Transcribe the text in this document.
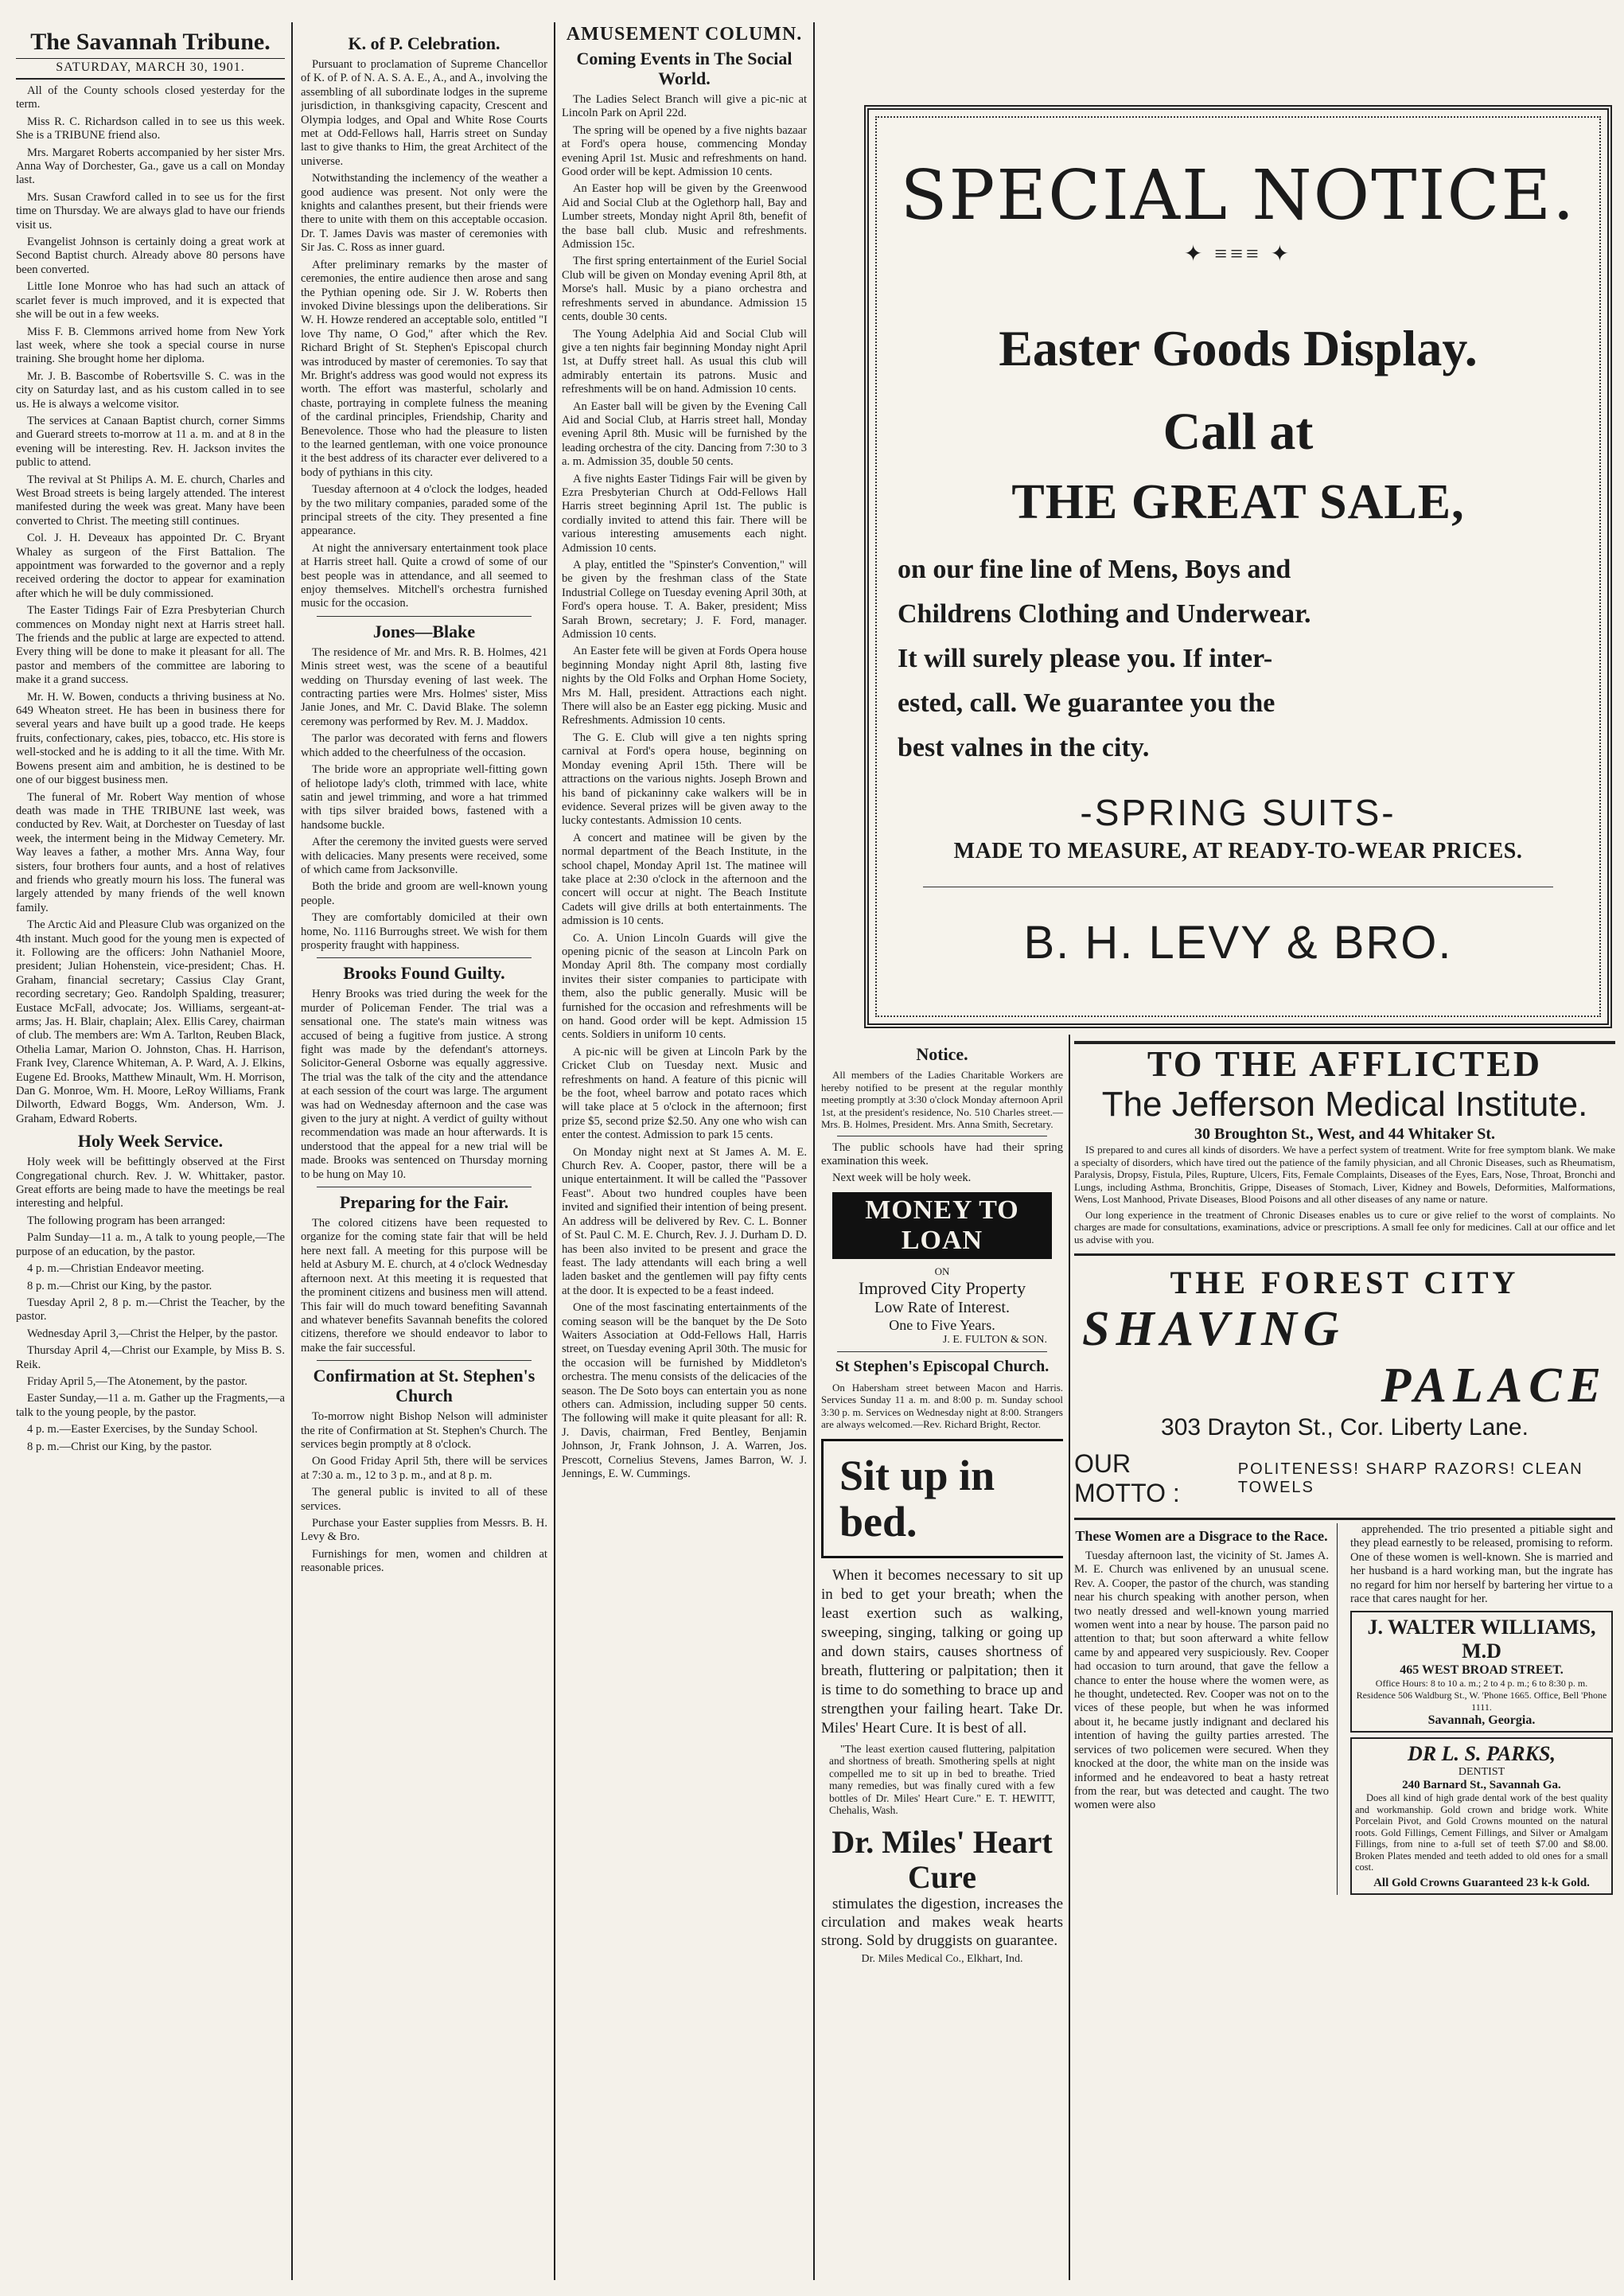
The Savannah Tribune.
SATURDAY, MARCH 30, 1901.

All of the County schools closed yesterday for the term.

Miss R. C. Richardson called in to see us this week. She is a TRIBUNE friend also.

Mrs. Margaret Roberts accompanied by her sister Mrs. Anna Way of Dorchester, Ga., gave us a call on Monday last.

Mrs. Susan Crawford called in to see us for the first time on Thursday. We are always glad to have our friends visit us.

Evangelist Johnson is certainly doing a great work at Second Baptist church. Already above 80 persons have been converted.

Little Ione Monroe who has had such an attack of scarlet fever is much improved, and it is expected that she will be out in a few weeks.

Miss F. B. Clemmons arrived home from New York last week, where she took a special course in nurse training. She brought home her diploma.

Mr. J. B. Bascombe of Robertsville S. C. was in the city on Saturday last, and as his custom called in to see us. He is always a welcome visitor.

The services at Canaan Baptist church, corner Simms and Guerard streets to-morrow at 11 a. m. and at 8 in the evening will be interesting. Rev. H. Jackson invites the public to attend.

The revival at St Philips A. M. E. church, Charles and West Broad streets is being largely attended. The interest manifested during the week was great. Many have been converted to Christ. The meeting still continues.

Col. J. H. Deveaux has appointed Dr. C. Bryant Whaley as surgeon of the First Battalion. The appointment was forwarded to the governor and a reply received ordering the doctor to appear for examination after which he will be duly commissioned.

The Easter Tidings Fair of Ezra Presbyterian Church commences on Monday night next at Harris street hall. The friends and the public at large are expected to attend. Every thing will be done to make it pleasant for all. The pastor and members of the committee are laboring to make it a grand success.

Mr. H. W. Bowen, conducts a thriving business at No. 649 Wheaton street. He has been in business there for several years and have built up a good trade. He keeps fruits, confectionary, cakes, pies, tobacco, etc. His store is well-stocked and he is adding to it all the time. With Mr. Bowens present aim and ambition, he is destined to be one of our biggest business men.

The funeral of Mr. Robert Way mention of whose death was made in THE TRIBUNE last week, was conducted by Rev. Wait, at Dorchester on Tuesday of last week, the interment being in the Midway Cemetery. Mr. Way leaves a father, a mother Mrs. Anna Way, four sisters, four brothers four aunts, and a host of relatives and friends who greatly mourn his loss. The funeral was largely attended by many friends of the well known family.

The Arctic Aid and Pleasure Club was organized on the 4th instant. Much good for the young men is expected of it. Following are the officers: John Nathaniel Moore, president; Julian Hohenstein, vice-president; Chas. H. Graham, financial secretary; Cassius Clay Grant, recording secretary; Geo. Randolph Spalding, treasurer; Eustace McFall, advocate; Jos. Williams, sergeant-at-arms; Jas. H. Blair, chaplain; Alex. Ellis Carey, chairman of club. The members are: Wm A. Tarlton, Reuben Black, Othelia Lamar, Marion O. Johnston, Chas. H. Harrison, Frank Ivey, Clarence Whiteman, A. P. Ward, A. J. Elkins, Eugene Ed. Brooks, Matthew Minault, Wm. H. Morrison, Dan G. Monroe, Wm. H. Moore, LeRoy Williams, Frank Dilworth, Edward Boggs, Wm. Anderson, Wm. J. Graham, Edward Roberts.

Holy Week Service.

Holy week will be befittingly observed at the First Congregational church. Rev. J. W. Whittaker, pastor. Great efforts are being made to have the meetings be real interesting and helpful.

The following program has been arranged:

Palm Sunday—11 a. m., A talk to young people,—The purpose of an education, by the pastor.

4 p. m.—Christian Endeavor meeting.

8 p. m.—Christ our King, by the pastor.

Tuesday April 2, 8 p. m.—Christ the Teacher, by the pastor.

Wednesday April 3,—Christ the Helper, by the pastor.

Thursday April 4,—Christ our Example, by Miss B. S. Reik.

Friday April 5,—The Atonement, by the pastor.

Easter Sunday,—11 a. m. Gather up the Fragments,—a talk to the young people, by the pastor.

4 p. m.—Easter Exercises, by the Sunday School.

8 p. m.—Christ our King, by the pastor.

K. of P. Celebration.

Pursuant to proclamation of Supreme Chancellor of K. of P. of N. A. S. A. E., A., and A., involving the assembling of all subordinate lodges in the supreme jurisdiction, in thanksgiving capacity, Crescent and Olympia lodges, and Opal and White Rose Courts met at Odd-Fellows hall, Harris street on Sunday last to give thanks to Him, the great Architect of the universe.

Notwithstanding the inclemency of the weather a good audience was present. Not only were the knights and calanthes present, but their friends were there to unite with them on this acceptable occasion. Dr. T. James Davis was master of ceremonies with Sir Jas. C. Ross as inner guard.

After preliminary remarks by the master of ceremonies, the entire audience then arose and sang the Pythian opening ode. Sir J. W. Roberts then invoked Divine blessings upon the deliberations. Sir W. H. Howze rendered an acceptable solo, entitled "I love Thy name, O God," after which the Rev. Richard Bright of St. Stephen's Episcopal church was introduced by master of ceremonies. To say that Mr. Bright's address was good would not express its worth. The effort was masterful, scholarly and chaste, portraying in complete fulness the meaning of the cardinal principles, Friendship, Charity and Benevolence. Those who had the pleasure to listen to the learned gentleman, with one voice pronounce it the best address of its character ever delivered to a body of pythians in this city.

Tuesday afternoon at 4 o'clock the lodges, headed by the two military companies, paraded some of the principal streets of the city. They presented a fine appearance.

At night the anniversary entertainment took place at Harris street hall. Quite a crowd of some of our best people was in attendance, and all seemed to enjoy themselves. Mitchell's orchestra furnished music for the occasion.

Jones—Blake

The residence of Mr. and Mrs. R. B. Holmes, 421 Minis street west, was the scene of a beautiful wedding on Thursday evening of last week. The contracting parties were Mrs. Holmes' sister, Miss Janie Jones, and Mr. C. David Blake. The solemn ceremony was performed by Rev. M. J. Maddox.

The parlor was decorated with ferns and flowers which added to the cheerfulness of the occasion.

The bride wore an appropriate well-fitting gown of heliotope lady's cloth, trimmed with lace, white satin and jewel trimming, and wore a hat trimmed with tips silver braided bows, fastened with a handsome buckle.

After the ceremony the invited guests were served with delicacies. Many presents were received, some of which came from Jacksonville.

Both the bride and groom are well-known young people.

They are comfortably domiciled at their own home, No. 1116 Burroughs street. We wish for them prosperity fraught with happiness.

Brooks Found Guilty.

Henry Brooks was tried during the week for the murder of Policeman Fender. The trial was a sensational one. The state's main witness was accused of being a fugitive from justice. A strong fight was made by the defendant's attorneys. Solicitor-General Osborne was equally aggressive. The trial was the talk of the city and the attendance at each session of the court was large. The argument was had on Wednesday afternoon and the case was given to the jury at night. A verdict of guilty without recommendation was made an hour afterwards. It is understood that the appeal for a new trial will be made. Brooks was sentenced on Thursday morning to be hung on May 10.

Preparing for the Fair.

The colored citizens have been requested to organize for the coming state fair that will be held here next fall. A meeting for this purpose will be held at Asbury M. E. church, at 4 o'clock Wednesday afternoon next. At this meeting it is requested that the prominent citizens and business men will attend. This fair will do much toward benefiting Savannah and whatever benefits Savannah benefits the colored citizens, therefore we should endeavor to labor to make the fair successful.

Confirmation at St. Stephen's Church

To-morrow night Bishop Nelson will administer the rite of Confirmation at St. Stephen's Church. The services begin promptly at 8 o'clock.

On Good Friday April 5th, there will be services at 7:30 a. m., 12 to 3 p. m., and at 8 p. m.

The general public is invited to all of these services.

Purchase your Easter supplies from Messrs. B. H. Levy & Bro.

Furnishings for men, women and children at reasonable prices.

AMUSEMENT COLUMN.
Coming Events in The Social World.

The Ladies Select Branch will give a pic-nic at Lincoln Park on April 22d.

The spring will be opened by a five nights bazaar at Ford's opera house, commencing Monday evening April 1st. Music and refreshments on hand. Good order will be kept. Admission 10 cents.

An Easter hop will be given by the Greenwood Aid and Social Club at the Oglethorp hall, Bay and Lumber streets, Monday night April 8th, benefit of the base ball club. Music and refreshments. Admission 15c.

The first spring entertainment of the Euriel Social Club will be given on Monday evening April 8th, at Morse's hall. Music by a piano orchestra and refreshments served in abundance. Admission 15 cents, double 30 cents.

The Young Adelphia Aid and Social Club will give a ten nights fair beginning Monday night April 1st, at Duffy street hall. As usual this club will admirably entertain its patrons. Music and refreshments will be on hand. Admission 10 cents.

An Easter ball will be given by the Evening Call Aid and Social Club, at Harris street hall, Monday evening April 8th. Music will be furnished by the leading orchestra of the city. Dancing from 7:30 to 3 a. m. Admission 35, double 50 cents.

A five nights Easter Tidings Fair will be given by Ezra Presbyterian Church at Odd-Fellows Hall Harris street beginning April 1st. The public is cordially invited to attend this fair. There will be various interesting amusements each night. Admission 10 cents.

A play, entitled the "Spinster's Convention," will be given by the freshman class of the State Industrial College on Tuesday evening April 30th, at Ford's opera house. T. A. Baker, president; Miss Sarah Brown, secretary; J. F. Ford, manager. Admission 10 cents.

An Easter fete will be given at Fords Opera house beginning Monday night April 8th, lasting five nights by the Old Folks and Orphan Home Society, Mrs M. Hall, president. Attractions each night. There will also be an Easter egg picking. Music and Refreshments. Admission 10 cents.

The G. E. Club will give a ten nights spring carnival at Ford's opera house, beginning on Monday evening April 15th. There will be attractions on the various nights. Joseph Brown and his band of pickaninny cake walkers will be in evidence. Several prizes will be given away to the lucky contestants. Admission 10 cents.

A concert and matinee will be given by the normal department of the Beach Institute, in the school chapel, Monday April 1st. The matinee will take place at 2:30 o'clock in the afternoon and the concert will occur at night. The Beach Institute Cadets will give drills at both entertainments. The admission is 10 cents.

Co. A. Union Lincoln Guards will give the opening picnic of the season at Lincoln Park on Monday April 8th. The company most cordially invites their sister companies to participate with them, also the public generally. Music will be furnished for the occasion and refreshments will be on hand. Good order will be kept. Admission 15 cents. Soldiers in uniform 10 cents.

A pic-nic will be given at Lincoln Park by the Cricket Club on Tuesday next. Music and refreshments on hand. A feature of this picnic will be the foot, wheel barrow and potato races which will take place at 5 o'clock in the afternoon; first prize $5, second prize $2.50. Any one who wish can enter the contest. Admission to park 15 cents.

On Monday night next at St James A. M. E. Church Rev. A. Cooper, pastor, there will be a unique entertainment. It will be called the "Passover Feast". About two hundred couples have been invited and signified their intention of being present. An address will be delivered by Rev. C. L. Bonner of St. Paul C. M. E. Church, Rev. J. J. Durham D. D. has been also invited to be present and grace the feast. The lady attendants will each bring a well laden basket and the gentlemen will pay fifty cents at the door. It is expected to be a feast indeed.

One of the most fascinating entertainments of the coming season will be the banquet by the De Soto Waiters Association at Odd-Fellows Hall, Harris street, on Tuesday evening April 30th. The music for the occasion will be furnished by Middleton's orchestra. The menu consists of the delicacies of the season. The De Soto boys can entertain you as none others can. Admission, including supper 50 cents. The following will make it quite pleasant for all: R. J. Davis, chairman, Fred Bentley, Benjamin Johnson, Jr, Frank Johnson, J. A. Warren, Jos. Prescott, Cornelius Stevens, James Barron, W. J. Jennings, E. W. Cummings.

SPECIAL NOTICE.
✦ ≡≡≡ ✦
Easter Goods Display.
Call at
THE GREAT SALE,
on our fine line of Mens, Boys and
Childrens Clothing and Underwear.
It will surely please you. If inter-
ested, call. We guarantee you the
best valnes in the city.
-SPRING SUITS-
MADE TO MEASURE, AT READY-TO-WEAR PRICES.
B. H. LEVY & BRO.
Notice.

All members of the Ladies Charitable Workers are hereby notified to be present at the regular monthly meeting promptly at 3:30 o'clock Monday afternoon April 1st, at the president's residence, No. 510 Charles street.—Mrs. B. Holmes, President. Mrs. Anna Smith, Secretary.

The public schools have had their spring examination this week.

Next week will be holy week.

MONEY TO LOAN
ON
Improved City Property
Low Rate of Interest.
One to Five Years.
J. E. FULTON & SON.
St Stephen's Episcopal Church.

On Habersham street between Macon and Harris. Services Sunday 11 a. m. and 8:00 p. m. Sunday school 3:30 p. m. Services on Wednesday night at 8:00. Strangers are always welcomed.—Rev. Richard Bright, Rector.

Sit up in bed.

When it becomes necessary to sit up in bed to get your breath; when the least exertion such as walking, sweeping, singing, talking or going up and down stairs, causes shortness of breath, fluttering or palpitation; then it is time to do something to brace up and strengthen your failing heart. Take Dr. Miles' Heart Cure. It is best of all.

"The least exertion caused fluttering, palpitation and shortness of breath. Smothering spells at night compelled me to sit up in bed to breathe. Tried many remedies, but was finally cured with a few bottles of Dr. Miles' Heart Cure." E. T. HEWITT, Chehalis, Wash.

Dr. Miles' Heart Cure

stimulates the digestion, increases the circulation and makes weak hearts strong. Sold by druggists on guarantee.

Dr. Miles Medical Co., Elkhart, Ind.
TO THE AFFLICTED
The Jefferson Medical Institute.
30 Broughton St., West, and 44 Whitaker St.

IS prepared to and cures all kinds of disorders. We have a perfect system of treatment. Write for free symptom blank. We make a specialty of disorders, which have tired out the patience of the family physician, and all Chronic Diseases, such as Rheumatism, Paralysis, Dropsy, Fistula, Piles, Rupture, Ulcers, Fits, Female Complaints, Diseases of the Eyes, Ears, Nose, Throat, Bronchi and Lungs, including Asthma, Bronchitis, Grippe, Diseases of Stomach, Liver, Kidney and Bowels, Deformities, Malformations, Wens, Lost Manhood, Private Diseases, Blood Poisons and all other diseases of any name or nature.

Our long experience in the treatment of Chronic Diseases enables us to cure or give relief to the worst of complaints. No charges are made for consultations, examinations, advice or prescriptions. A small fee only for medicines. Call at our office and let us advise with you.

THE FOREST CITY
SHAVING
PALACE
303 Drayton St., Cor. Liberty Lane.
OUR MOTTO :
POLITENESS! SHARP RAZORS! CLEAN TOWELS
These Women are a Disgrace to the Race.

Tuesday afternoon last, the vicinity of St. James A. M. E. Church was enlivened by an unusual scene. Rev. A. Cooper, the pastor of the church, was standing near his church speaking with another person, when two neatly dressed and well-known young married women went into a near by house. The parson paid no attention to that; but soon afterward a white fellow came by and appeared very suspiciously. Rev. Cooper had occasion to turn around, that gave the fellow a chance to enter the house where the women were, as he thought, undetected. Rev. Cooper was not on to the vices of these people, but when he was informed about it, he became justly indignant and declared his intention of having the guilty parties arrested. The services of two policemen were secured. When they knocked at the door, the white man on the inside was informed and he endeavored to beat a hasty retreat from the rear, but was detected and caught. The two women were also

apprehended. The trio presented a pitiable sight and they plead earnestly to be released, promising to reform. One of these women is well-known. She is married and her husband is a hard working man, but the ingrate has no regard for him nor herself by bartering her virtue to a race that cares naught for her.

J. WALTER WILLIAMS, M.D
465 WEST BROAD STREET.
Office Hours: 8 to 10 a. m.; 2 to 4 p. m.; 6 to 8:30 p. m.
Residence 506 Waldburg St., W. 'Phone 1665. Office, Bell 'Phone 1111.
Savannah, Georgia.
DR L. S. PARKS,
DENTIST
240 Barnard St., Savannah Ga.

Does all kind of high grade dental work of the best quality and workmanship. Gold crown and bridge work. White Porcelain Pivot, and Gold Crowns mounted on the natural roots. Gold Fillings, Cement Fillings, and Silver or Amalgam Fillings, from nine to a-full set of teeth $7.00 and $8.00. Broken Plates mended and teeth added to old ones for a small cost.

All Gold Crowns Guaranteed 23 k-k Gold.
